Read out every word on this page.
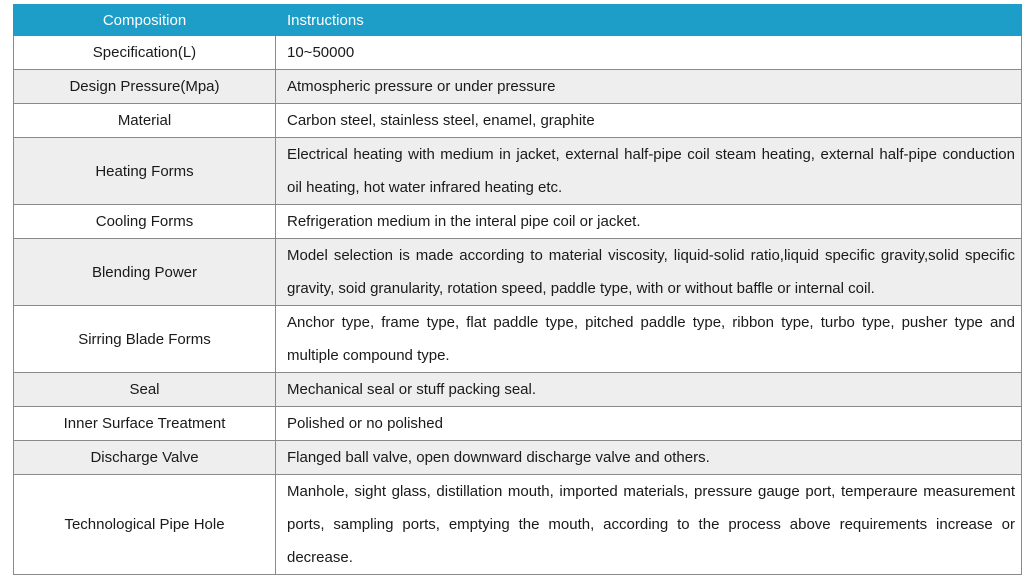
Composition	Instructions
Specification(L)	10~50000
Design Pressure(Mpa)	Atmospheric pressure or under pressure
Material	Carbon steel, stainless steel, enamel, graphite
Heating Forms	Electrical heating with medium in jacket, external half-pipe coil steam heating, external half-pipe conduction oil heating, hot water infrared heating etc.
Cooling Forms	Refrigeration medium in the interal pipe coil or jacket.
Blending Power	Model selection is made according to material viscosity, liquid-solid ratio,liquid specific gravity,solid specific gravity, soid granularity, rotation speed, paddle type, with or without baffle or internal coil.
Sirring Blade Forms	Anchor type, frame type, flat paddle type, pitched paddle type, ribbon type, turbo type, pusher type and multiple compound type.
Seal	Mechanical seal or stuff packing seal.
Inner Surface Treatment	Polished or no polished
Discharge Valve	Flanged ball valve, open downward discharge valve and others.
Technological Pipe Hole	Manhole, sight glass, distillation mouth, imported materials, pressure gauge port, temperaure measurement ports, sampling ports, emptying the mouth, according to the process above requirements increase or decrease.
